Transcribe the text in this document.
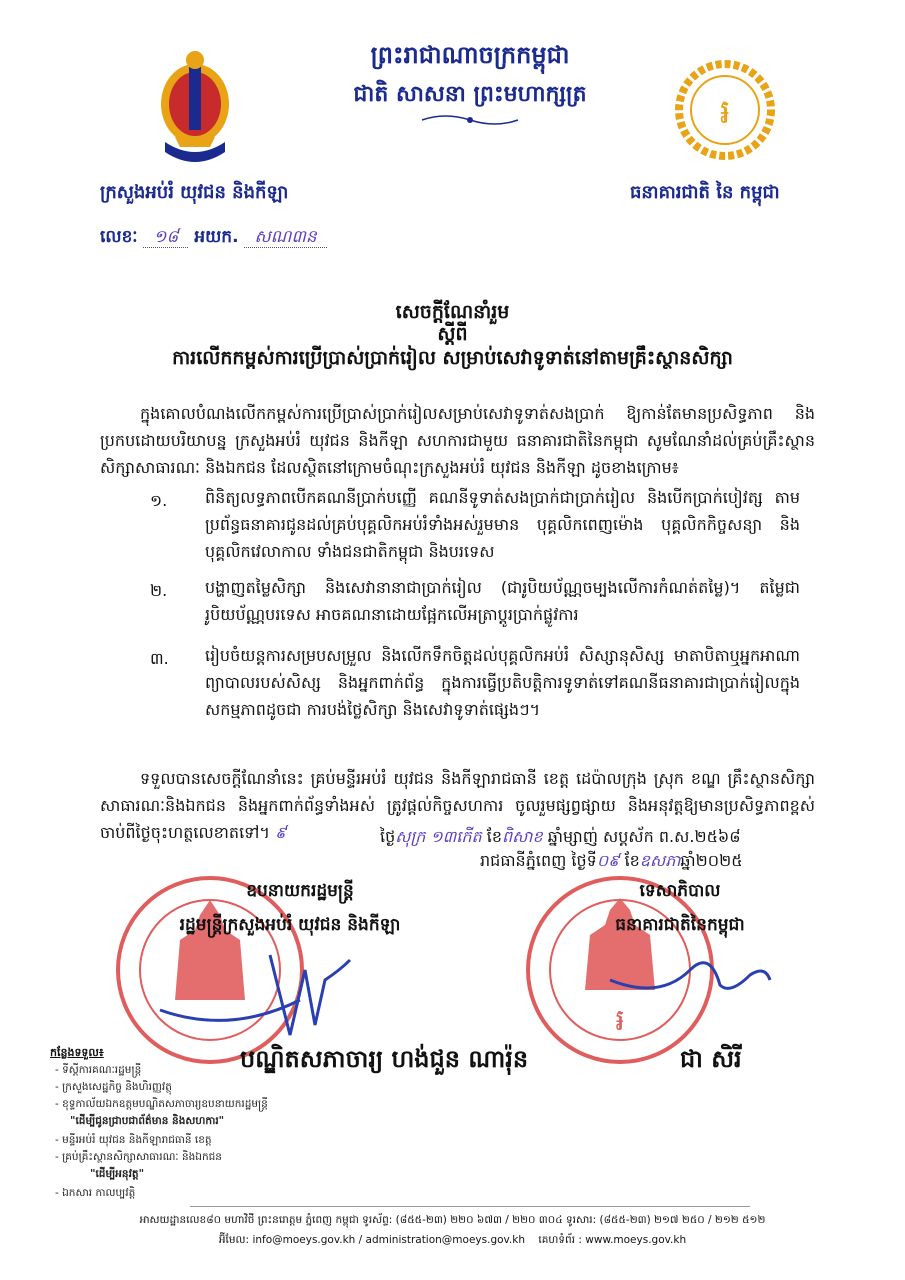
ព្រះរាជាណាចក្រកម្ពុជា
ជាតិ សាសនា ព្រះមហាក្សត្រ	៛
ក្រសួងអប់រំ យុវជន និងកីឡា	ធនាគារជាតិ នៃ កម្ពុជា
លេខៈ ១៨ អយក. សណ៣ន
សេចក្តីណែនាំរួម
ស្តីពី
ការលើកកម្ពស់ការប្រើប្រាស់ប្រាក់រៀល សម្រាប់សេវាទូទាត់នៅតាមគ្រឹះស្ថានសិក្សា
ក្នុងគោលបំណងលើកកម្ពស់ការប្រើប្រាស់ប្រាក់រៀលសម្រាប់សេវាទូទាត់សងប្រាក់ ឱ្យកាន់តែមានប្រសិទ្ធភាព និងប្រកបដោយបរិយាបន្ន ក្រសួងអប់រំ យុវជន និងកីឡា សហការជាមួយ ធនាគារជាតិនៃកម្ពុជា សូមណែនាំដល់គ្រប់គ្រឹះស្ថានសិក្សាសាធារណៈ និងឯកជន ដែលស្ថិតនៅក្រោមចំណុះក្រសួងអប់រំ យុវជន និងកីឡា ដូចខាងក្រោម៖
១.	ពិនិត្យលទ្ធភាពបើកគណនីប្រាក់បញ្ញើ គណនីទូទាត់សងប្រាក់ជាប្រាក់រៀល និងបើកប្រាក់បៀវត្ស តាមប្រព័ន្ធធនាគារជូនដល់គ្រប់បុគ្គលិកអប់រំទាំងអស់រួមមាន បុគ្គលិកពេញម៉ោង បុគ្គលិកកិច្ចសន្យា និងបុគ្គលិកវេលាកាល ទាំងជនជាតិកម្ពុជា និងបរទេស
២.	បង្ហាញតម្លៃសិក្សា និងសេវានានាជាប្រាក់រៀល (ជារូបិយប័ណ្ណចម្បងលើការកំណត់តម្លៃ)។ តម្លៃជារូបិយប័ណ្ណបរទេស អាចគណនាដោយផ្អែកលើអត្រាប្តូរប្រាក់ផ្លូវការ
៣.	រៀបចំយន្តការសម្របសម្រួល និងលើកទឹកចិត្តដល់បុគ្គលិកអប់រំ សិស្សានុសិស្ស មាតាបិតាឬអ្នកអាណាព្យាបាលរបស់សិស្ស និងអ្នកពាក់ព័ន្ធ ក្នុងការធ្វើប្រតិបត្តិការទូទាត់ទៅគណនីធនាគារជាប្រាក់រៀលក្នុងសកម្មភាពដូចជា ការបង់ថ្លៃសិក្សា និងសេវាទូទាត់ផ្សេងៗ។
ទទួលបានសេចក្តីណែនាំនេះ គ្រប់មន្ទីរអប់រំ យុវជន និងកីឡារាជធានី ខេត្ត ដេប៉ាលក្រុង ស្រុក ខណ្ឌ គ្រឹះស្ថានសិក្សាសាធារណៈនិងឯកជន និងអ្នកពាក់ព័ន្ធទាំងអស់ ត្រូវផ្តល់កិច្ចសហការ ចូលរួមផ្សព្វផ្សាយ និងអនុវត្តឱ្យមានប្រសិទ្ធភាពខ្ពស់ ចាប់ពីថ្ងៃចុះហត្ថលេខាតទៅ។ ៩	ថ្ងៃសុក្រ ១៣កើត ខែពិសាខ ឆ្នាំម្សាញ់ សប្តស័ក ព.ស.២៥៦៨
រាជធានីភ្នំពេញ ថ្ងៃទី០៩ ខែឧសភាឆ្នាំ២០២៥
៛
ឧបនាយករដ្ឋមន្ត្រី
រដ្ឋមន្ត្រីក្រសួងអប់រំ យុវជន និងកីឡា
ទេសាភិបាល
ធនាគារជាតិនៃកម្ពុជា
បណ្ឌិតសភាចារ្យ ហង់ជួន ណារ៉ុន	ជា សិរី
កន្លែងទទួល៖
- ទីស្តីការគណៈរដ្ឋមន្ត្រី
- ក្រសួងសេដ្ឋកិច្ច និងហិរញ្ញវត្ថុ
- ខុទ្ទកាល័យឯកឧត្តមបណ្ឌិតសភាចារ្យឧបនាយករដ្ឋមន្ត្រី
"ដើម្បីជូនជ្រាបជាព័ត៌មាន និងសហការ"
- មន្ទីរអប់រំ យុវជន និងកីឡារាជធានី ខេត្ត
- គ្រប់គ្រឹះស្ថានសិក្សាសាធារណៈ និងឯកជន
"ដើម្បីអនុវត្ត"
- ឯកសារ កាលប្បវត្តិ
អាសយដ្ឋានលេខ៨០ មហាវិថី ព្រះនរោត្តម ភ្នំពេញ កម្ពុជា ទូរស័ព្ទ: (៨៥៥-២៣) ២២០ ៦៧៣ / ២២០ ៣០៤ ទូរសារ: (៨៥៥-២៣) ២១៧ ២៥០ / ២១២ ៥១២
អ៊ីមែល: info@moeys.gov.kh / administration@moeys.gov.kh គេហទំព័រ : www.moeys.gov.kh
